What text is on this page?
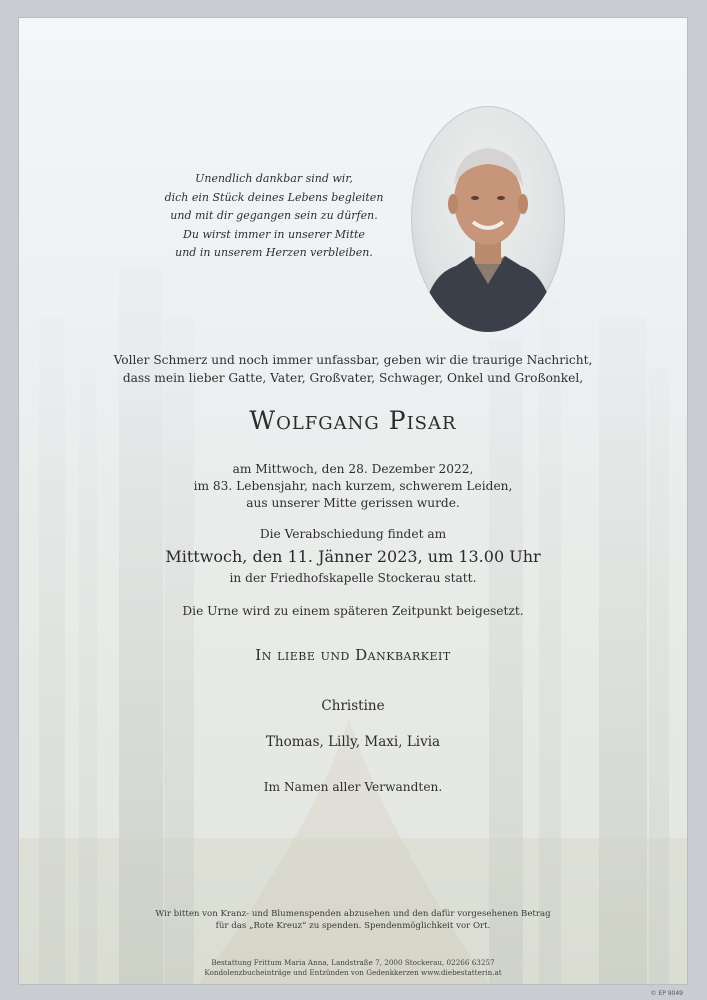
Unendlich dankbar sind wir,
dich ein Stück deines Lebens begleiten
und mit dir gegangen sein zu dürfen.
Du wirst immer in unserer Mitte
und in unserem Herzen verbleiben.
Voller Schmerz und noch immer unfassbar, geben wir die traurige Nachricht,
dass mein lieber Gatte, Vater, Großvater, Schwager, Onkel und Großonkel,
Wolfgang Pisar
am Mittwoch, den 28. Dezember 2022,
im 83. Lebensjahr, nach kurzem, schwerem Leiden,
aus unserer Mitte gerissen wurde.
Die Verabschiedung findet am
Mittwoch, den 11. Jänner 2023, um 13.00 Uhr
in der Friedhofskapelle Stockerau statt.
Die Urne wird zu einem späteren Zeitpunkt beigesetzt.
In liebe und Dankbarkeit
Christine
Thomas, Lilly, Maxi, Livia
Im Namen aller Verwandten.
Wir bitten von Kranz- und Blumenspenden abzusehen und den dafür vorgesehenen Betrag
für das „Rote Kreuz“ zu spenden. Spendenmöglichkeit vor Ort.
Bestattung Frittum Maria Anna, Landstraße 7, 2000 Stockerau, 02266 63257
Kondolenzbucheinträge und Entzünden von Gedenkkerzen www.diebestatterin.at
© EP 9049
